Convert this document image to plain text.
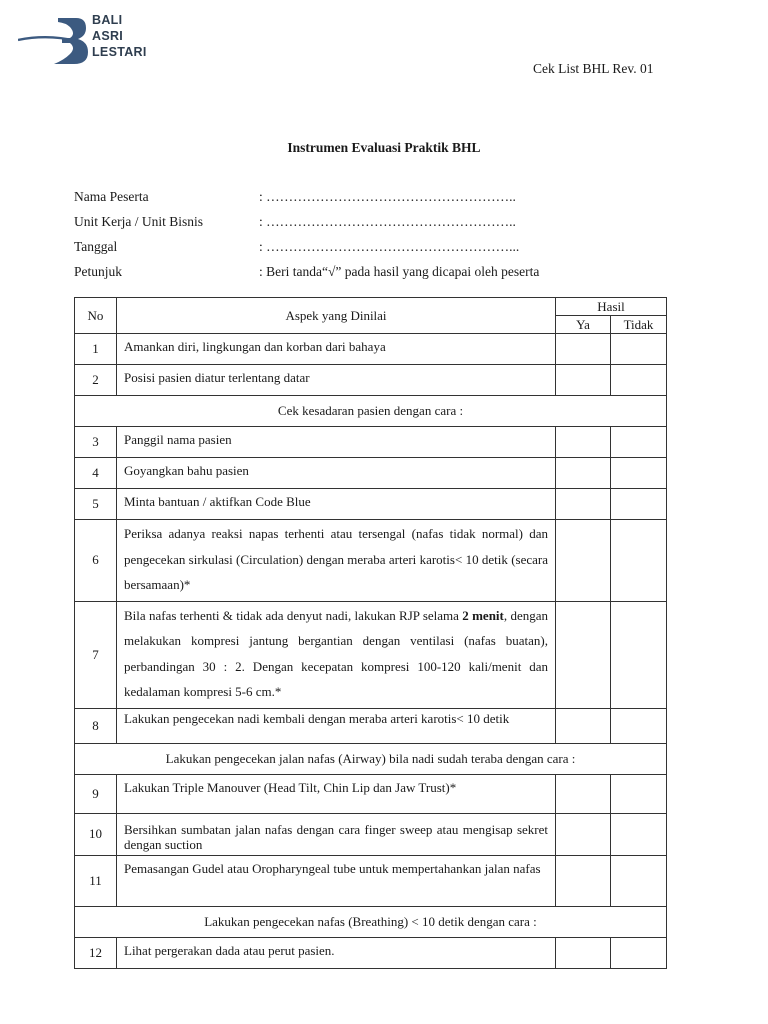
BALI
ASRI
LESTARI
Cek List BHL Rev. 01
Instrumen Evaluasi Praktik BHL
Nama Peserta	: ………………………………………………..
Unit Kerja / Unit Bisnis	: ………………………………………………..
Tanggal	: ………………………………………………...
Petunjuk	: Beri tanda“√” pada hasil yang dicapai oleh peserta
No	Aspek yang Dinilai	Hasil	
		Ya	Tidak
1	Amankan diri, lingkungan dan korban dari bahaya		
2	Posisi pasien diatur terlentang datar		
Cek kesadaran pasien dengan cara :			
3	Panggil nama pasien		
4	Goyangkan bahu pasien		
5	Minta bantuan / aktifkan Code Blue		
6	Periksa adanya reaksi napas terhenti atau tersengal (nafas tidak normal) dan pengecekan sirkulasi (Circulation) dengan meraba arteri karotis< 10 detik (secara bersamaan)*		
7	Bila nafas terhenti & tidak ada denyut nadi, lakukan RJP selama 2 menit, dengan melakukan kompresi jantung bergantian dengan ventilasi (nafas buatan), perbandingan 30 : 2. Dengan kecepatan kompresi 100-120 kali/menit dan kedalaman kompresi 5-6 cm.*		
8	Lakukan pengecekan nadi kembali dengan meraba arteri karotis< 10 detik		
Lakukan pengecekan jalan nafas (Airway) bila nadi sudah teraba dengan cara :			
9	Lakukan Triple Manouver (Head Tilt, Chin Lip dan Jaw Trust)*		
10	Bersihkan sumbatan jalan nafas dengan cara finger sweep atau mengisap sekret dengan suction		
11	Pemasangan Gudel atau Oropharyngeal tube untuk mempertahankan jalan nafas		
Lakukan pengecekan nafas (Breathing) < 10 detik dengan cara :			
12	Lihat pergerakan dada atau perut pasien.		
